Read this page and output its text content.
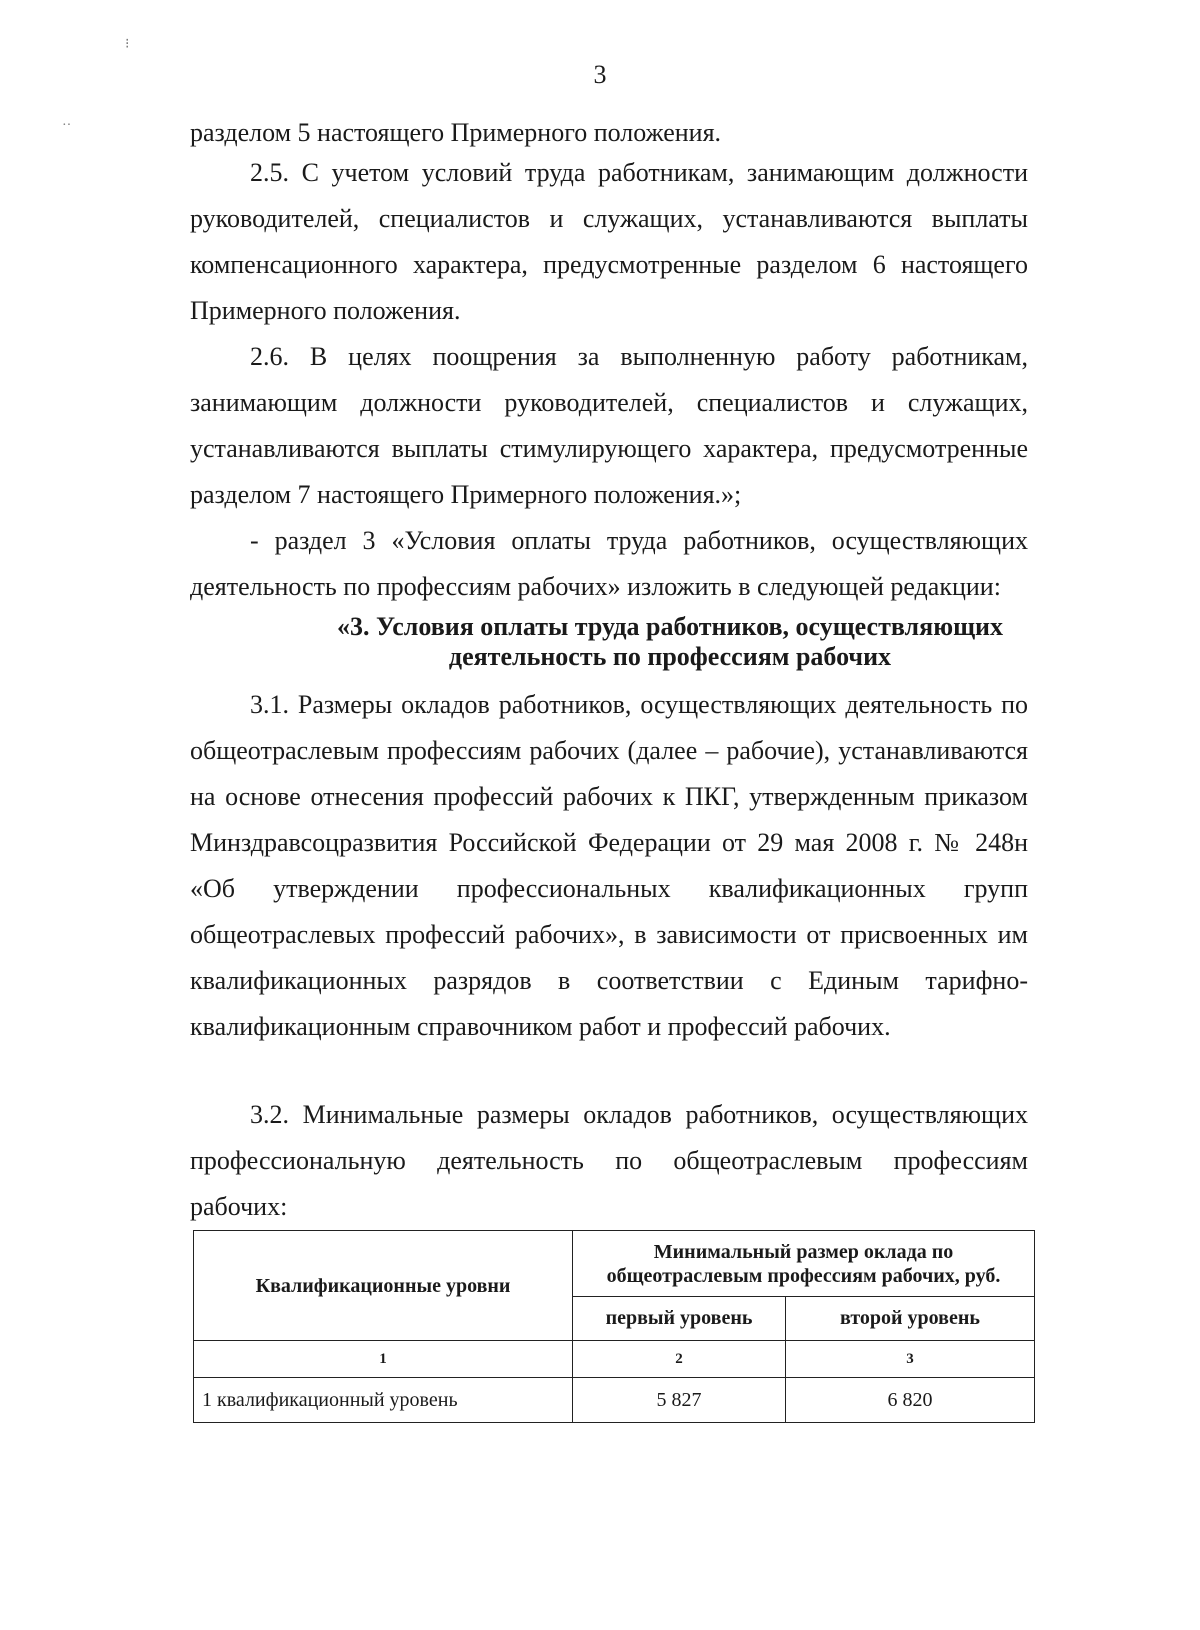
3
разделом 5 настоящего Примерного положения.
2.5. С учетом условий труда работникам, занимающим должности руководителей, специалистов и служащих, устанавливаются выплаты компенсационного характера, предусмотренные разделом 6 настоящего Примерного положения.
2.6. В целях поощрения за выполненную работу работникам, занимающим должности руководителей, специалистов и служащих, устанавливаются выплаты стимулирующего характера, предусмотренные разделом 7 настоящего Примерного положения.»;
- раздел 3 «Условия оплаты труда работников, осуществляющих деятельность по профессиям рабочих» изложить в следующей редакции:
«3. Условия оплаты труда работников, осуществляющих
деятельность по профессиям рабочих
3.1. Размеры окладов работников, осуществляющих деятельность по общеотраслевым профессиям рабочих (далее – рабочие), устанавливаются на основе отнесения профессий рабочих к ПКГ, утвержденным приказом Минздравсоцразвития Российской Федерации от 29 мая 2008 г. № 248н «Об утверждении профессиональных квалификационных групп общеотраслевых профессий рабочих», в зависимости от присвоенных им квалификационных разрядов в соответствии с Единым тарифно-квалификационным справочником работ и профессий рабочих.
3.2. Минимальные размеры окладов работников, осуществляющих профессиональную деятельность по общеотраслевым профессиям рабочих:
Квалификационные уровни	Минимальный размер оклада по общеотраслевым профессиям рабочих, руб.	
	первый уровень	второй уровень
1	2	3
1 квалификационный уровень	5 827	6 820
⁝
··
